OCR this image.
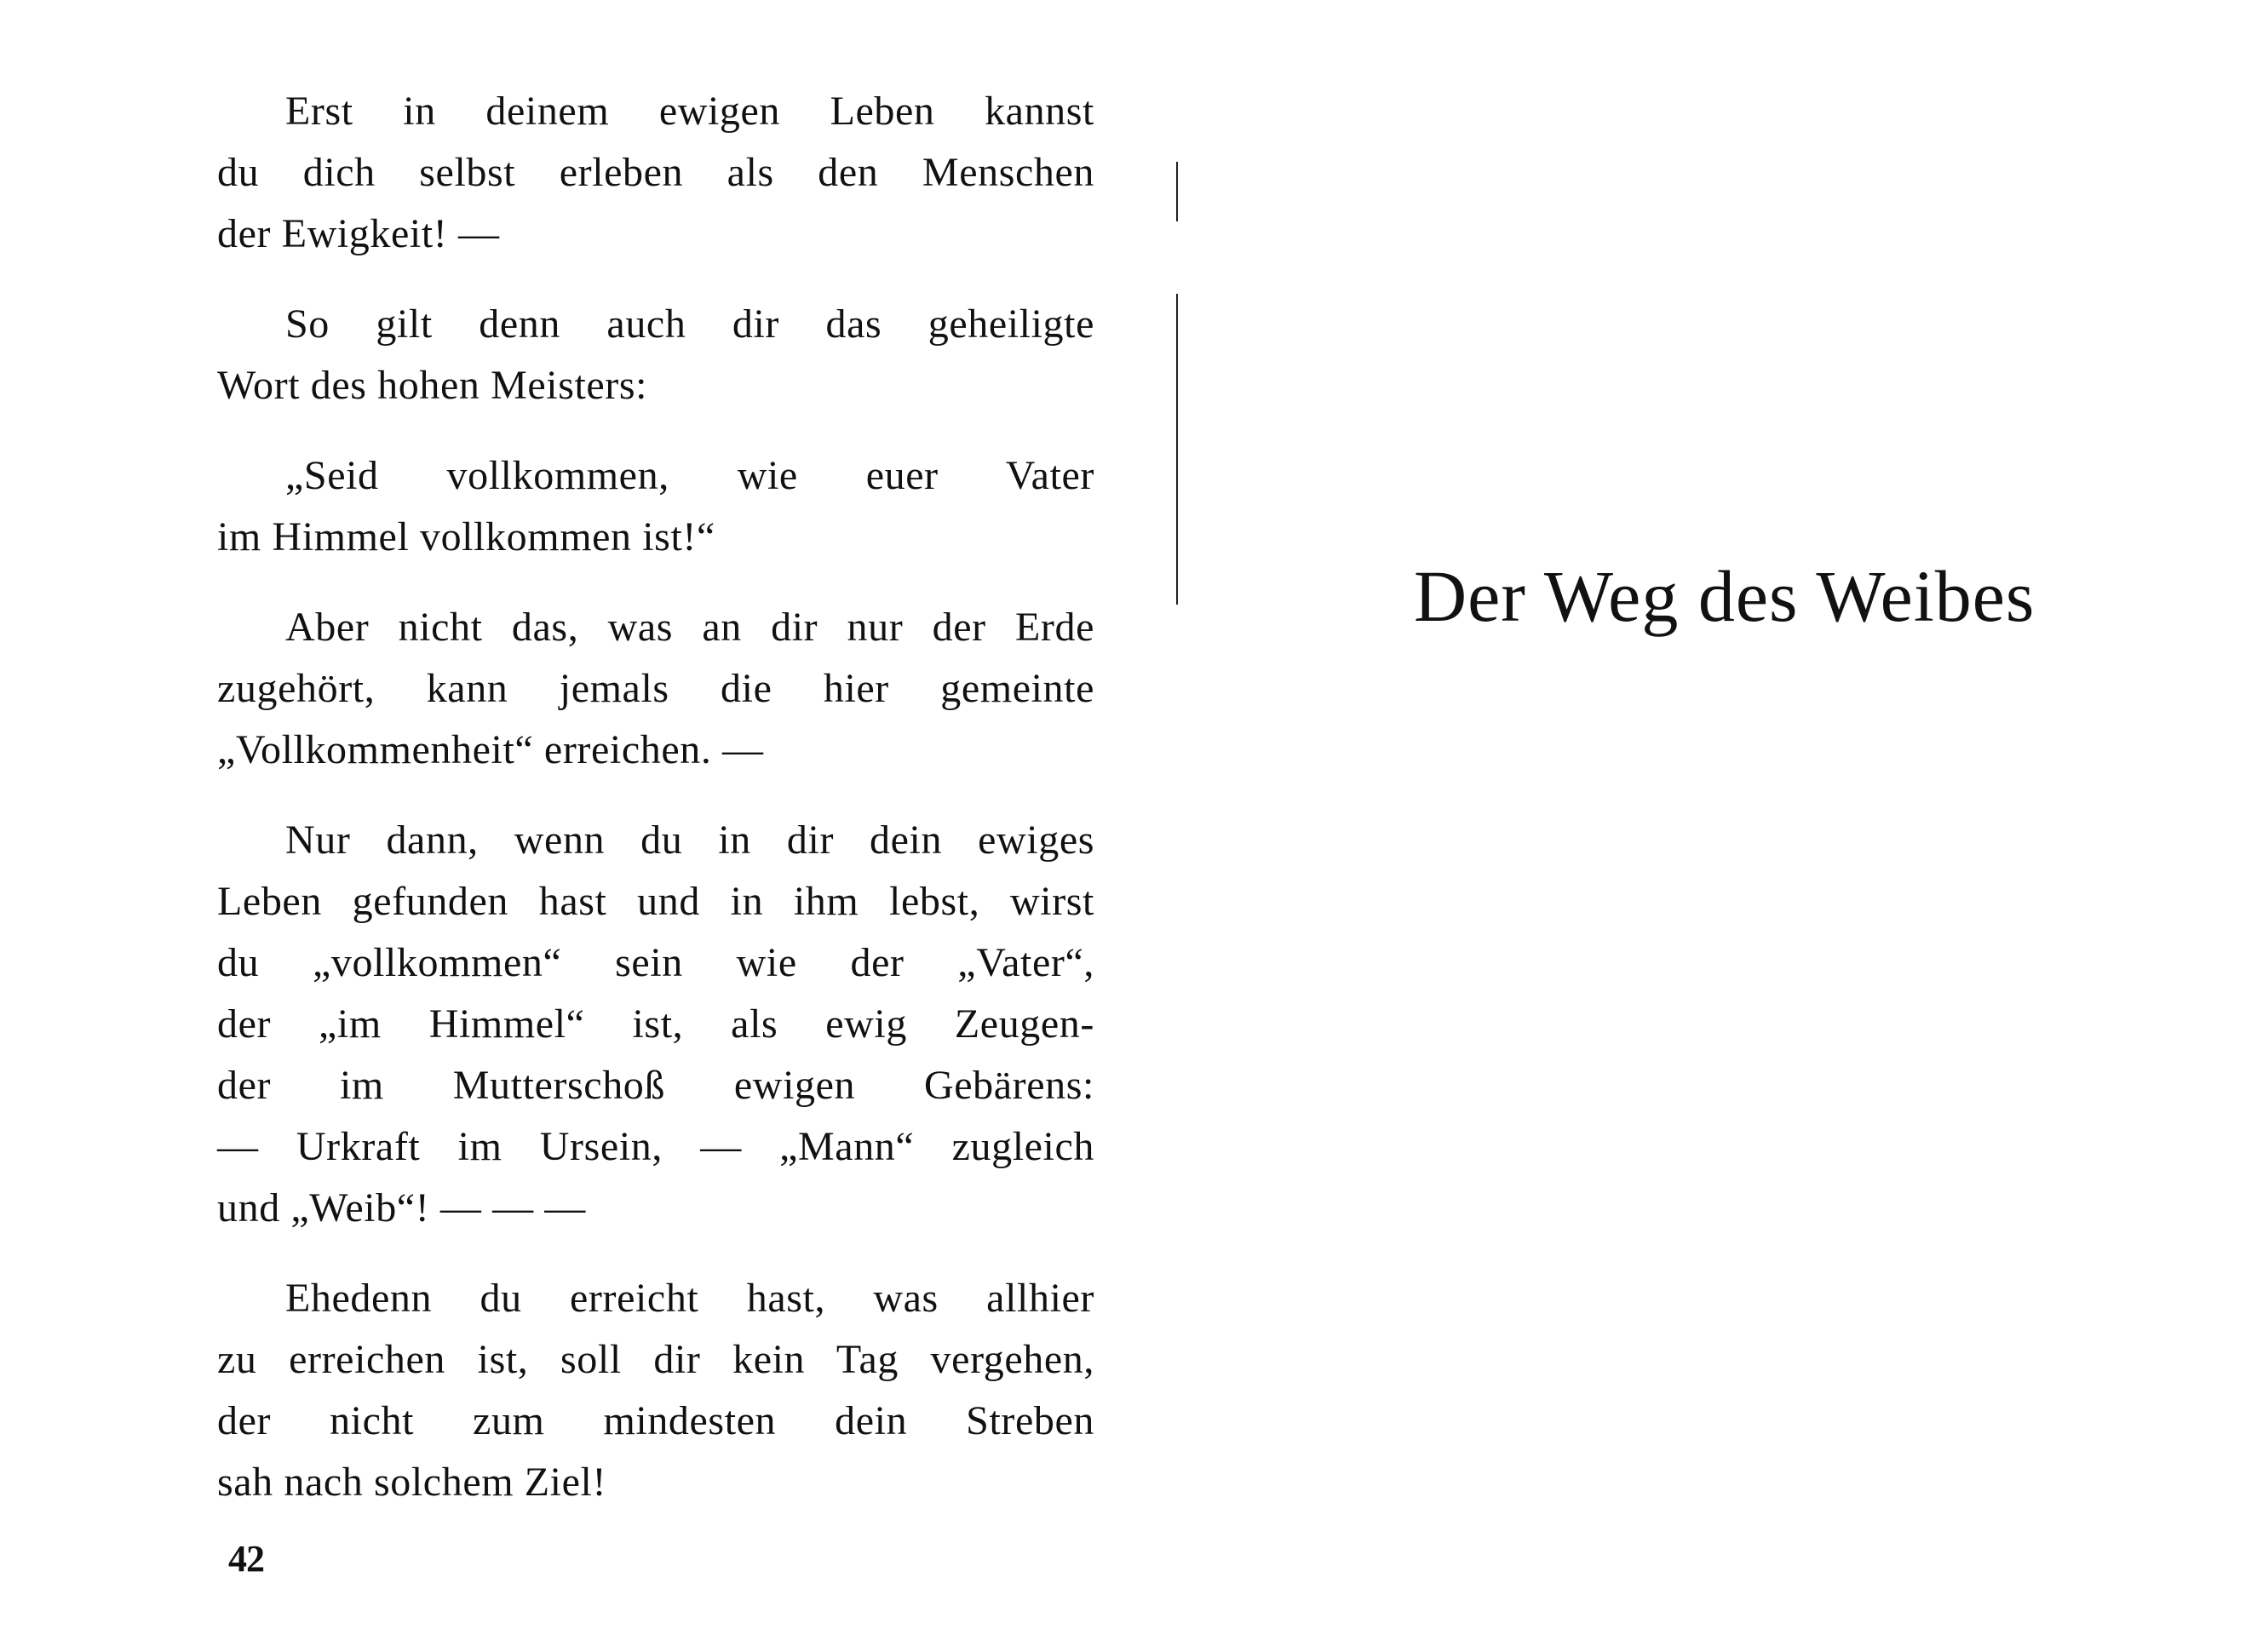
Erst in deinem ewigen Leben kannst
du dich selbst erleben als den Menschen
der Ewigkeit! —

So gilt denn auch dir das geheiligte
Wort des hohen Meisters:

„Seid vollkommen, wie euer Vater
im Himmel vollkommen ist!“

Aber nicht das, was an dir nur der Erde
zugehört, kann jemals die hier gemeinte
„Vollkommenheit“ erreichen. —

Nur dann, wenn du in dir dein ewiges
Leben gefunden hast und in ihm lebst, wirst
du „vollkommen“ sein wie der „Vater“,
der „im Himmel“ ist, als ewig Zeugen-
der im Mutterschoß ewigen Gebärens:
— Urkraft im Ursein, — „Mann“ zugleich
und „Weib“! — — —

Ehedenn du erreicht hast, was allhier
zu erreichen ist, soll dir kein Tag vergehen,
der nicht zum mindesten dein Streben
sah nach solchem Ziel!

42
Der Weg des Weibes
